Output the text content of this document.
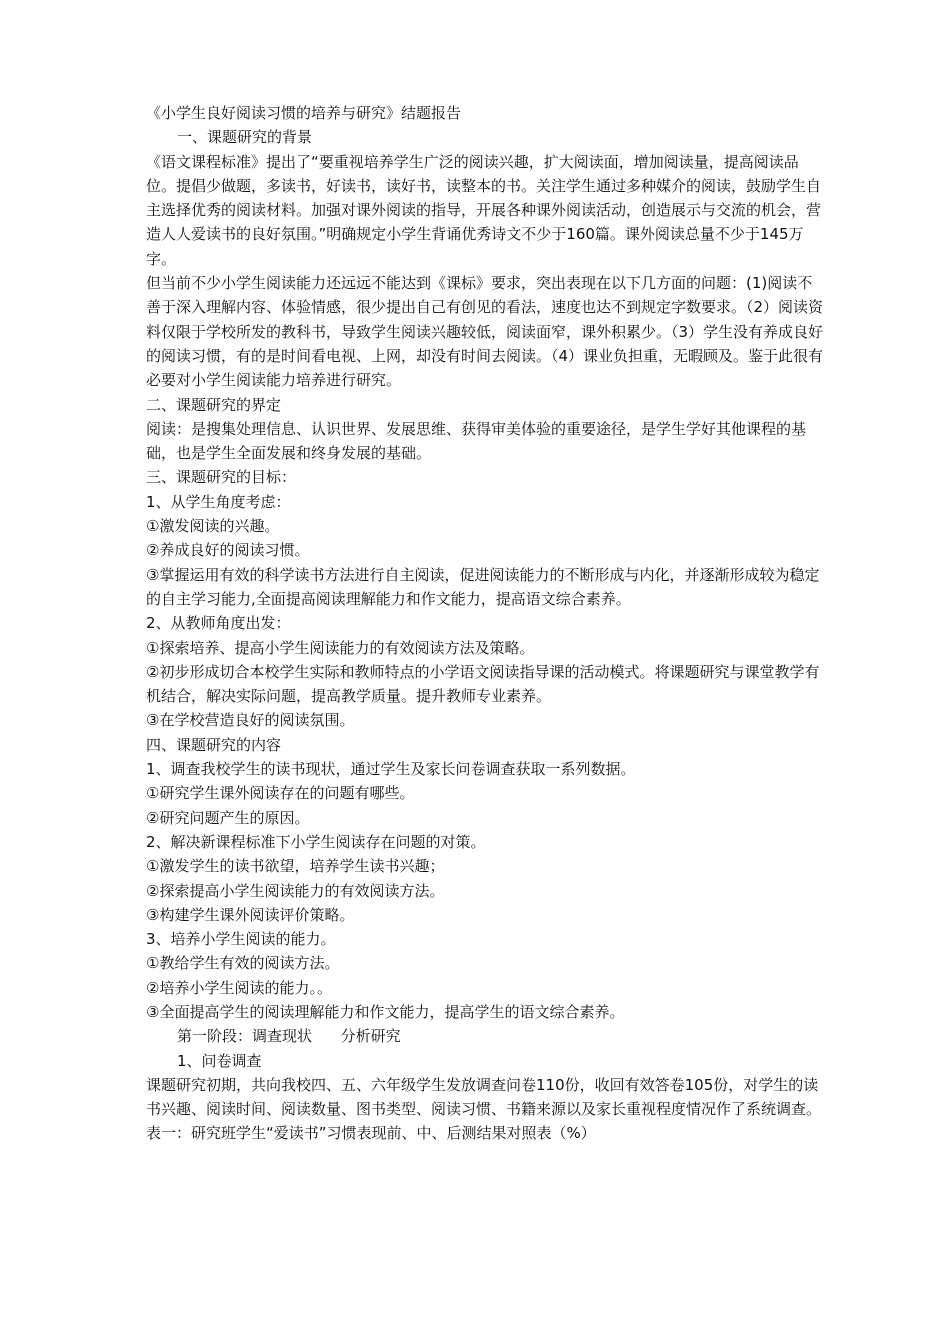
《小学生良好阅读习惯的培养与研究》结题报告

一、课题研究的背景

《语文课程标准》提出了“要重视培养学生广泛的阅读兴趣，扩大阅读面，增加阅读量，提高阅读品位。提倡少做题，多读书，好读书，读好书，读整本的书。关注学生通过多种媒介的阅读，鼓励学生自主选择优秀的阅读材料。加强对课外阅读的指导，开展各种课外阅读活动，创造展示与交流的机会，营造人人爱读书的良好氛围。”明确规定小学生背诵优秀诗文不少于160篇。课外阅读总量不少于145万字。

但当前不少小学生阅读能力还远远不能达到《课标》要求，突出表现在以下几方面的问题：(1)阅读不善于深入理解内容、体验情感，很少提出自己有创见的看法，速度也达不到规定字数要求。（2）阅读资料仅限于学校所发的教科书，导致学生阅读兴趣较低，阅读面窄，课外积累少。（3）学生没有养成良好的阅读习惯，有的是时间看电视、上网，却没有时间去阅读。（4）课业负担重，无暇顾及。鉴于此很有必要对小学生阅读能力培养进行研究。

二、课题研究的界定

阅读：是搜集处理信息、认识世界、发展思维、获得审美体验的重要途径，是学生学好其他课程的基础，也是学生全面发展和终身发展的基础。

三、课题研究的目标：

1、从学生角度考虑：

①激发阅读的兴趣。

②养成良好的阅读习惯。

③掌握运用有效的科学读书方法进行自主阅读，促进阅读能力的不断形成与内化，并逐渐形成较为稳定的自主学习能力,全面提高阅读理解能力和作文能力，提高语文综合素养。

2、从教师角度出发：

①探索培养、提高小学生阅读能力的有效阅读方法及策略。

②初步形成切合本校学生实际和教师特点的小学语文阅读指导课的活动模式。将课题研究与课堂教学有机结合，解决实际问题，提高教学质量。提升教师专业素养。

③在学校营造良好的阅读氛围。

四、课题研究的内容

1、调查我校学生的读书现状，通过学生及家长问卷调查获取一系列数据。

①研究学生课外阅读存在的问题有哪些。

②研究问题产生的原因。

2、解决新课程标准下小学生阅读存在问题的对策。

①激发学生的读书欲望，培养学生读书兴趣；

②探索提高小学生阅读能力的有效阅读方法。

③构建学生课外阅读评价策略。

3、培养小学生阅读的能力。

①教给学生有效的阅读方法。

②培养小学生阅读的能力。。

③全面提高学生的阅读理解能力和作文能力，提高学生的语文综合素养。

第一阶段：调查现状      分析研究

1、问卷调查

课题研究初期，共向我校四、五、六年级学生发放调查问卷110份，收回有效答卷105份，对学生的读书兴趣、阅读时间、阅读数量、图书类型、阅读习惯、书籍来源以及家长重视程度情况作了系统调查。

表一：研究班学生“爱读书”习惯表现前、中、后测结果对照表（%）
